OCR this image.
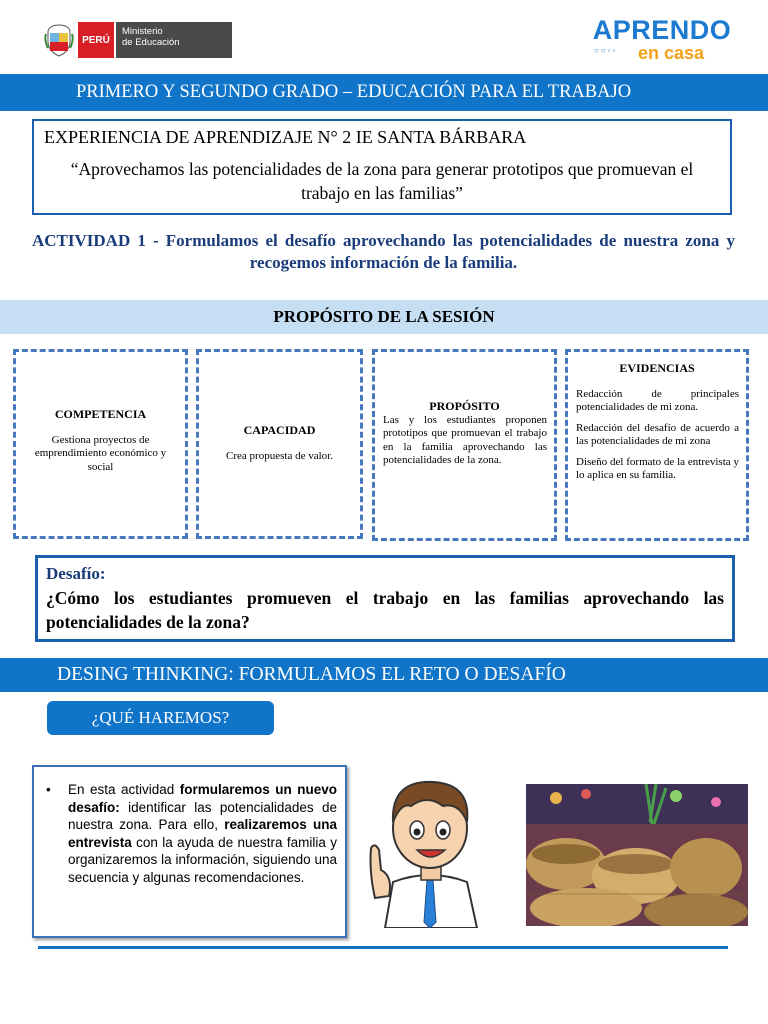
PERÚ
Ministerio
de Educación	APRENDO
○○◦◦ en casa
PRIMERO Y SEGUNDO GRADO – EDUCACIÓN PARA EL TRABAJO
EXPERIENCIA DE APRENDIZAJE N° 2 IE SANTA BÁRBARA
“Aprovechamos las potencialidades de la zona para generar prototipos que promuevan el trabajo en las familias”
ACTIVIDAD 1 - Formulamos el desafío aprovechando las potencialidades de nuestra zona y recogemos información de la familia.
PROPÓSITO DE LA SESIÓN
COMPETENCIA
Gestiona proyectos de emprendimiento económico y social
CAPACIDAD
Crea propuesta de valor.
PROPÓSITO
Las y los estudiantes proponen prototipos que promuevan el trabajo en la familia aprovechando las potencialidades de la zona.
EVIDENCIAS
Redacción de principales potencialidades de mi zona.
Redacción del desafío de acuerdo a las potencialidades de mi zona
Diseño del formato de la entrevista y lo aplica en su familia.
Desafío:
¿Cómo los estudiantes promueven el trabajo en las familias aprovechando las potencialidades de la zona?
DESING THINKING: FORMULAMOS EL RETO O DESAFÍO
¿QUÉ HAREMOS?
• En esta actividad formularemos un nuevo desafío: identificar las potencialidades de nuestra zona. Para ello, realizaremos una entrevista con la ayuda de nuestra familia y organizaremos la información, siguiendo una secuencia y algunas recomendaciones.
